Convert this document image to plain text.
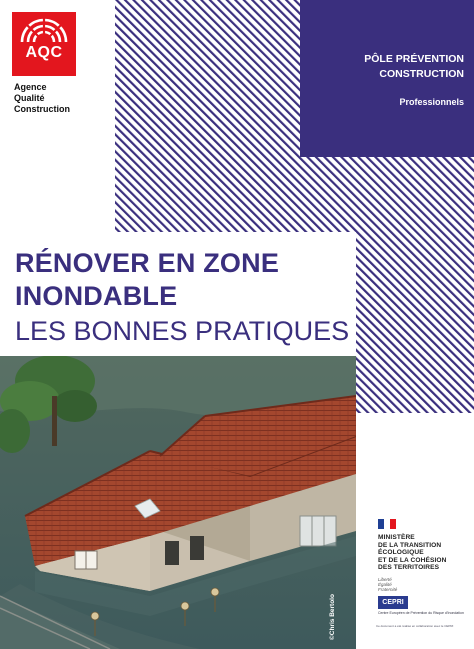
AQC
Agence
Qualité
Construction
PÔLE PRÉVENTION
CONSTRUCTION
Professionnels
RÉNOVER EN ZONE
INONDABLE
LES BONNES PRATIQUES
©Chris Bertolo
MINISTÈRE
DE LA TRANSITION
ÉCOLOGIQUE
ET DE LA COHÉSION
DES TERRITOIRES
Liberté
Égalité
Fraternité
CEPRI
Centre Européen de Prévention du Risque d'Inondation
Ce document a été réalisé en collaboration avec le CEPRI
